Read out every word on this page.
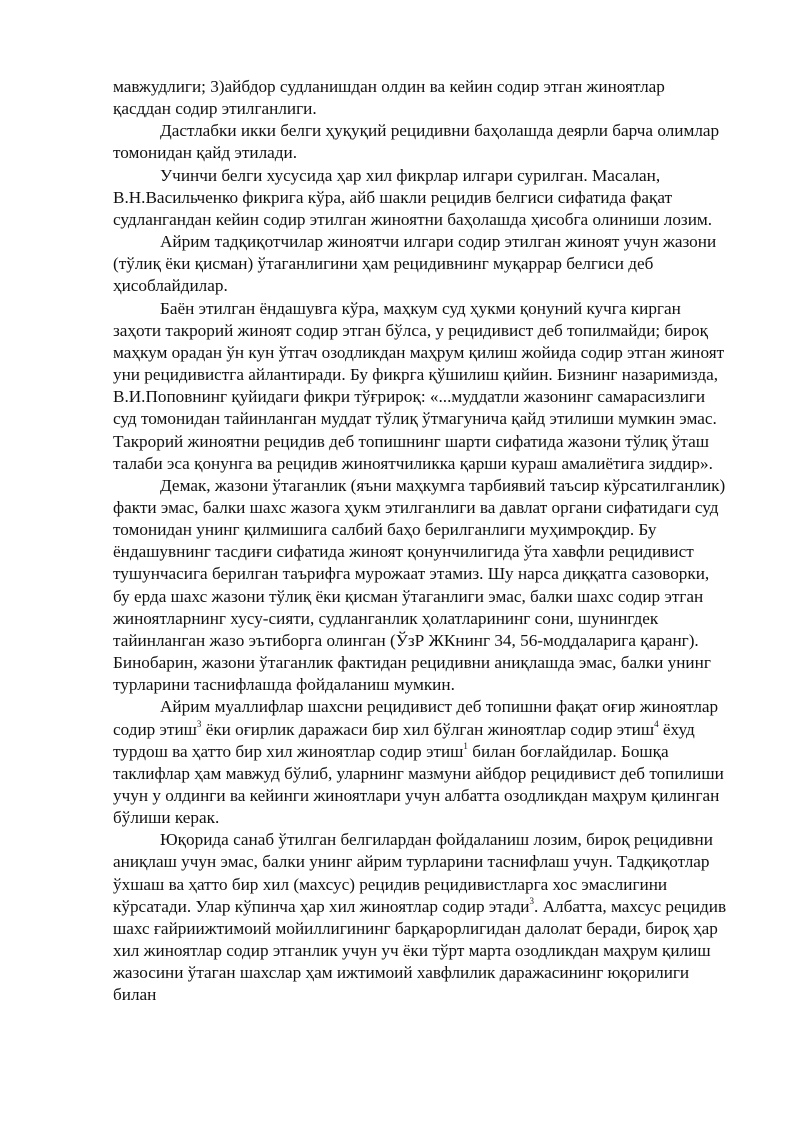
мавжудлиги; 3)айбдор судланишдан олдин ва кейин содир этган жиноятлар қасддан содир этилганлиги.

Дастлабки икки белги ҳуқуқий рецидивни баҳолашда деярли барча олимлар томонидан қайд этилади.

Учинчи белги хусусида ҳар хил фикрлар илгари сурилган. Масалан, В.Н.Васильченко фикрига кўра, айб шакли рецидив белгиси сифатида фақат судлангандан кейин содир этилган жиноятни баҳолашда ҳисобга олиниши лозим.

Айрим тадқиқотчилар жиноятчи илгари содир этилган жиноят учун жазони (тўлиқ ёки қисман) ўтаганлигини ҳам рецидивнинг муқаррар белгиси деб ҳисоблайдилар.

Баён этилган ёндашувга кўра, маҳкум суд ҳукми қонуний кучга кирган заҳоти такрорий жиноят содир этган бўлса, у рецидивист деб топилмайди; бироқ маҳкум орадан ўн кун ўтгач озодликдан маҳрум қилиш жойида содир этган жиноят уни рецидивистга айлантиради. Бу фикрга қўшилиш қийин. Бизнинг назаримизда, В.И.Поповнинг қуйидаги фикри тўғрироқ: «...муддатли жазонинг самарасизлиги суд томонидан тайинланган муддат тўлиқ ўтмагунича қайд этилиши мумкин эмас. Такрорий жиноятни рецидив деб топишнинг шарти сифатида жазони тўлиқ ўташ талаби эса қонунга ва рецидив жиноятчиликка қарши кураш амалиётига зиддир».

Демак, жазони ўтаганлик (яъни маҳкумга тарбиявий таъсир кўрсатилганлик) факти эмас, балки шахс жазога ҳукм этилганлиги ва давлат органи сифатидаги суд томонидан унинг қилмишига салбий баҳо берилганлиги муҳимроқдир. Бу ёндашувнинг тасдиғи сифатида жиноят қонунчилигида ўта хавфли рецидивист тушунчасига берилган таърифга мурожаат этамиз. Шу нарса диққатга сазоворки, бу ерда шахс жазони тўлиқ ёки қисман ўтаганлиги эмас, балки шахс содир этган жиноятларнинг хусу-сияти, судланганлик ҳолатларининг сони, шунингдек тайинланган жазо эътиборга олинган (ЎзР ЖКнинг 34, 56-моддаларига қаранг). Бинобарин, жазони ўтаганлик фактидан рецидивни аниқлашда эмас, балки унинг турларини таснифлашда фойдаланиш мумкин.

Айрим муаллифлар шахсни рецидивист деб топишни фақат оғир жиноятлар содир этиш$^3$ ёки оғирлик даражаси бир хил бўлган жиноятлар содир этиш$^4$ ёхуд турдош ва ҳатто бир хил жиноятлар содир этиш$^1$ билан боғлайдилар. Бошқа таклифлар ҳам мавжуд бўлиб, уларнинг мазмуни айбдор рецидивист деб топилиши учун у олдинги ва кейинги жиноятлари учун албатта озодликдан маҳрум қилинган бўлиши керак.

Юқорида санаб ўтилган белгилардан фойдаланиш лозим, бироқ рецидивни аниқлаш учун эмас, балки унинг айрим турларини таснифлаш учун. Тадқиқотлар ўхшаш ва ҳатто бир хил (махсус) рецидив рецидивистларга хос эмаслигини кўрсатади. Улар кўпинча ҳар хил жиноятлар содир этади$^3$. Албатта, махсус рецидив шахс ғайриижтимоий мойиллигининг барқарорлигидан далолат беради, бироқ ҳар хил жиноятлар содир этганлик учун уч ёки тўрт марта озодликдан маҳрум қилиш жазосини ўтаган шахслар ҳам ижтимоий хавфлилик даражасининг юқорилиги билан
